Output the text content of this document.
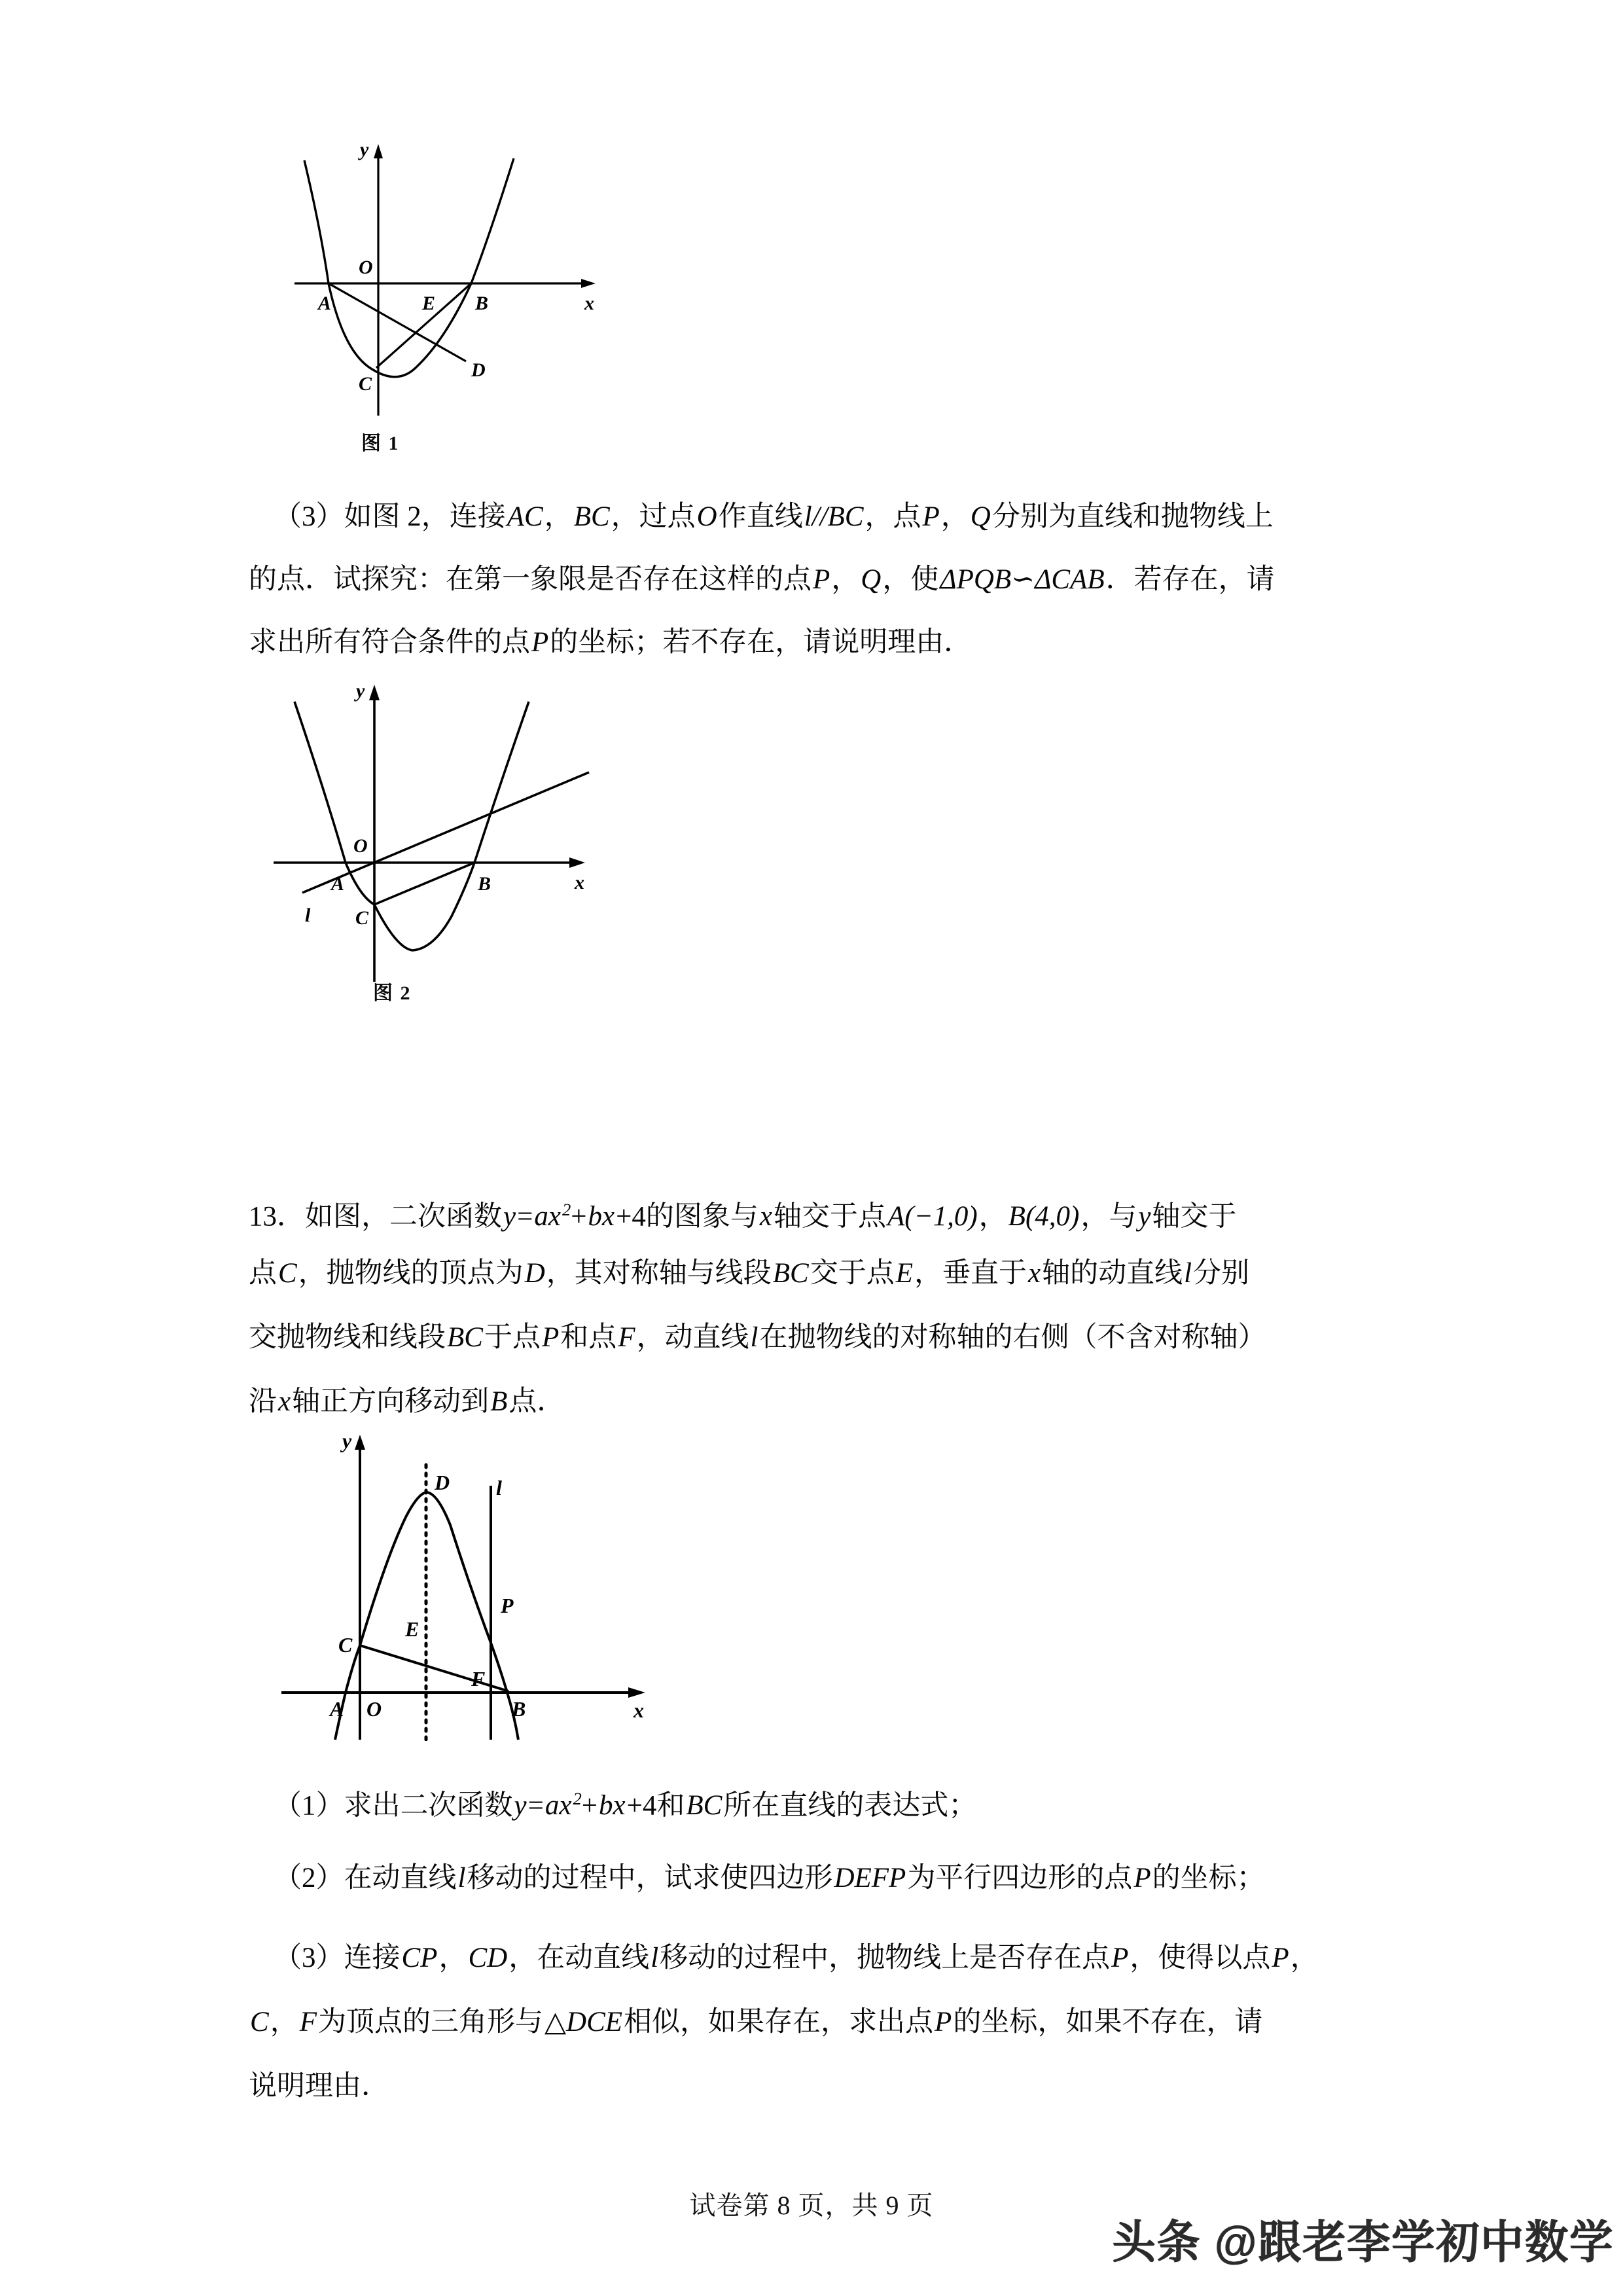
O
y
x
A	B
C
D
E
图 1
（3）如图 2，连接AC，BC，过点O作直线l//BC，点P，Q分别为直线和抛物线上
的点．试探究：在第一象限是否存在这样的点P，Q，使ΔPQB∽ΔCAB．若存在，请
求出所有符合条件的点P的坐标；若不存在，请说明理由．
O
y
x
A	B
C
l
图 2
13．如图，二次函数$y=ax^2+bx+4$的图象与x轴交于点A(−1,0)，B(4,0)，与y轴交于
点C，抛物线的顶点为D，其对称轴与线段BC交于点E，垂直于x轴的动直线l分别
交抛物线和线段BC于点P和点F，动直线l在抛物线的对称轴的右侧（不含对称轴）
沿x轴正方向移动到B点．
y
x
D l
C
P
E
F
A O	B
（1）求出二次函数$y=ax^2+bx+4$和BC所在直线的表达式；
（2）在动直线l移动的过程中，试求使四边形DEFP为平行四边形的点P的坐标；
（3）连接CP，CD，在动直线l移动的过程中，抛物线上是否存在点P，使得以点P，
C，F为顶点的三角形与△DCE相似，如果存在，求出点P的坐标，如果不存在，请
说明理由．
试卷第 8 页，共 9 页
头条 @跟老李学初中数学
